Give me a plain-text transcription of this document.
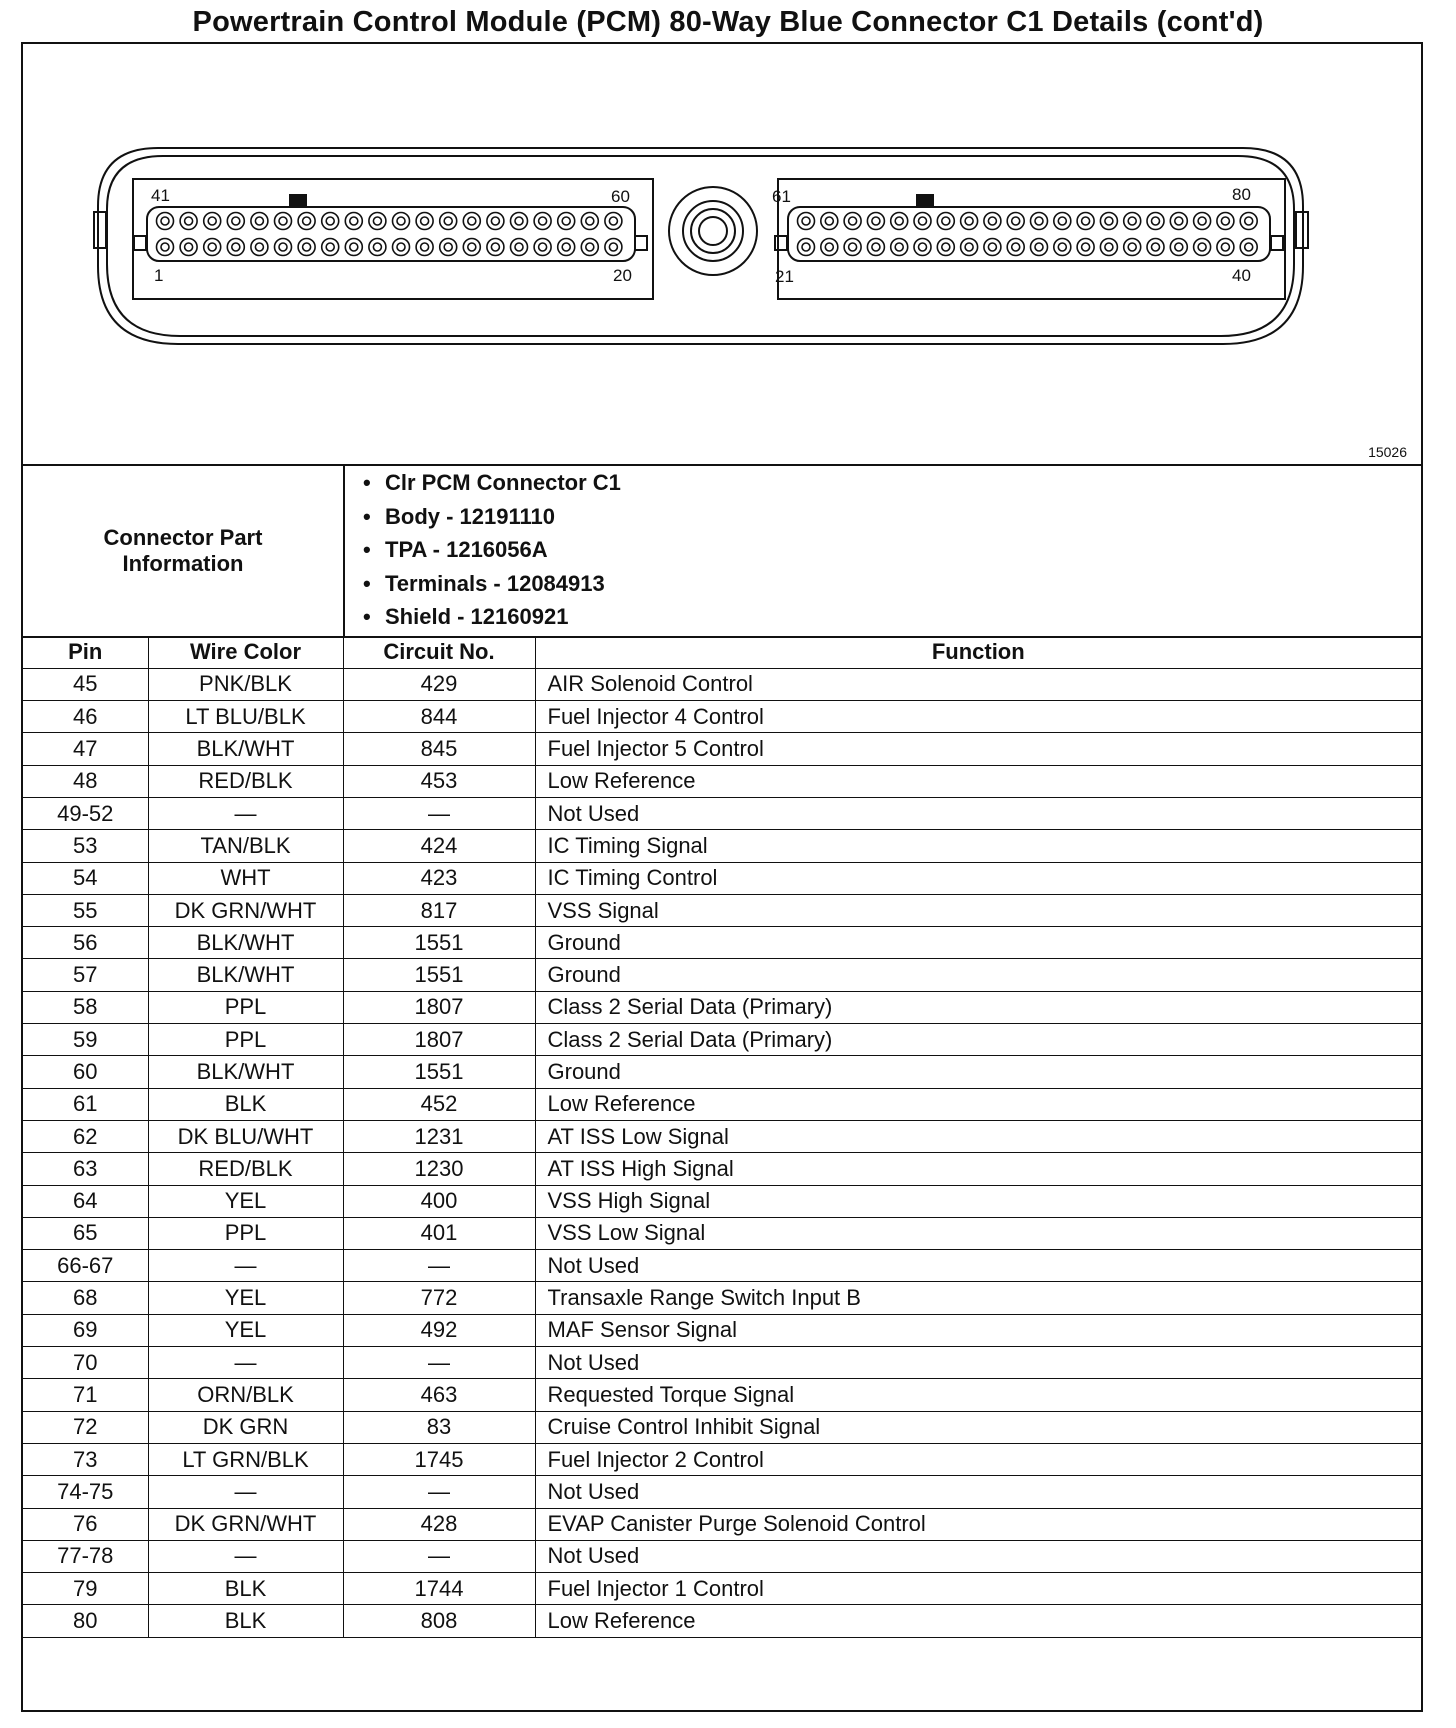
Powertrain Control Module (PCM) 80-Way Blue Connector C1 Details (cont'd)
41	60
1	20
61	80
21	40
15026
Connector Part Information
• Clr PCM Connector C1
• Body - 12191110
• TPA - 1216056A
• Terminals - 12084913
• Shield - 12160921
Pin	Wire Color	Circuit No.	Function
45	PNK/BLK	429	AIR Solenoid Control
46	LT BLU/BLK	844	Fuel Injector 4 Control
47	BLK/WHT	845	Fuel Injector 5 Control
48	RED/BLK	453	Low Reference
49-52	—	—	Not Used
53	TAN/BLK	424	IC Timing Signal
54	WHT	423	IC Timing Control
55	DK GRN/WHT	817	VSS Signal
56	BLK/WHT	1551	Ground
57	BLK/WHT	1551	Ground
58	PPL	1807	Class 2 Serial Data (Primary)
59	PPL	1807	Class 2 Serial Data (Primary)
60	BLK/WHT	1551	Ground
61	BLK	452	Low Reference
62	DK BLU/WHT	1231	AT ISS Low Signal
63	RED/BLK	1230	AT ISS High Signal
64	YEL	400	VSS High Signal
65	PPL	401	VSS Low Signal
66-67	—	—	Not Used
68	YEL	772	Transaxle Range Switch Input B
69	YEL	492	MAF Sensor Signal
70	—	—	Not Used
71	ORN/BLK	463	Requested Torque Signal
72	DK GRN	83	Cruise Control Inhibit Signal
73	LT GRN/BLK	1745	Fuel Injector 2 Control
74-75	—	—	Not Used
76	DK GRN/WHT	428	EVAP Canister Purge Solenoid Control
77-78	—	—	Not Used
79	BLK	1744	Fuel Injector 1 Control
80	BLK	808	Low Reference
